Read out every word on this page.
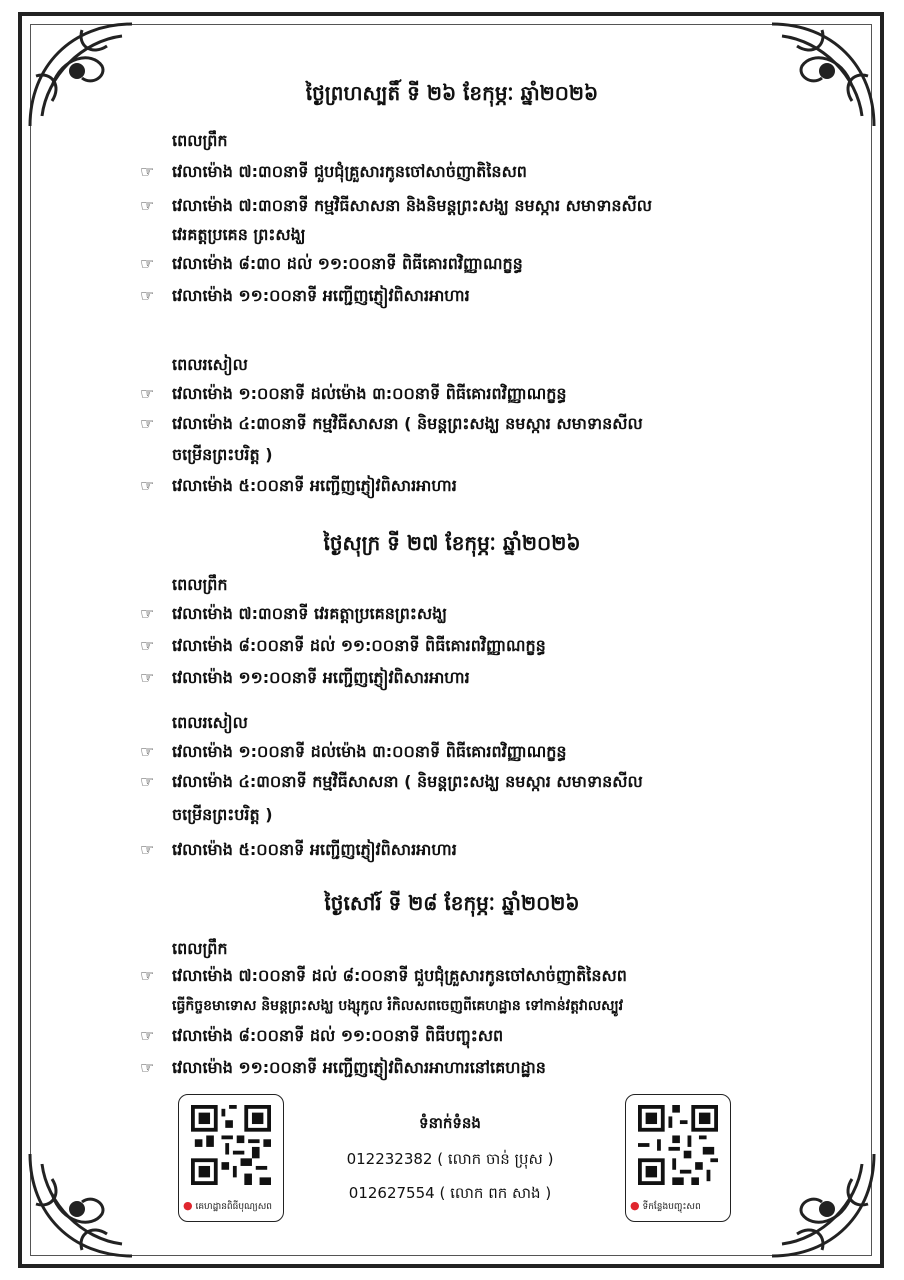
ថ្ងៃព្រហស្បតិ៍ ទី ២៦ ខែកុម្ភៈ ឆ្នាំ២០២៦
ពេលព្រឹក
☞ វេលាម៉ោង ៧:៣០នាទី ជួបជុំគ្រួសារកូនចៅសាច់ញាតិនៃសព
☞ វេលាម៉ោង ៧:៣០នាទី កម្មវិធីសាសនា និងនិមន្តព្រះសង្ឃ នមស្ការ សមាទានសីល
វេរគត្តប្រគេន ព្រះសង្ឃ
☞ វេលាម៉ោង ៨:៣០ ដល់ ១១:០០នាទី ពិធីគោរពវិញ្ញាណក្ខន្ធ
☞ វេលាម៉ោង ១១:០០នាទី អញ្ជើញភ្ញៀវពិសារអាហារ
ពេលរសៀល
☞ វេលាម៉ោង ១:០០នាទី ដល់ម៉ោង ៣:០០នាទី ពិធីគោរពវិញ្ញាណក្ខន្ធ
☞ វេលាម៉ោង ៤:៣០នាទី កម្មវិធីសាសនា ( និមន្តព្រះសង្ឃ នមស្ការ សមាទានសីល
ចម្រើនព្រះបរិត្ត )
☞ វេលាម៉ោង ៥:០០នាទី អញ្ជើញភ្ញៀវពិសារអាហារ
ថ្ងៃសុក្រ ទី ២៧ ខែកុម្ភៈ ឆ្នាំ២០២៦
ពេលព្រឹក
☞ វេលាម៉ោង ៧:៣០នាទី វេរគត្តាប្រគេនព្រះសង្ឃ
☞ វេលាម៉ោង ៨:០០នាទី ដល់ ១១:០០នាទី ពិធីគោរពវិញ្ញាណក្ខន្ធ
☞ វេលាម៉ោង ១១:០០នាទី អញ្ជើញភ្ញៀវពិសារអាហារ
ពេលរសៀល
☞ វេលាម៉ោង ១:០០នាទី ដល់ម៉ោង ៣:០០នាទី ពិធីគោរពវិញ្ញាណក្ខន្ធ
☞ វេលាម៉ោង ៤:៣០នាទី កម្មវិធីសាសនា ( និមន្តព្រះសង្ឃ នមស្ការ សមាទានសីល
ចម្រើនព្រះបរិត្ត )
☞ វេលាម៉ោង ៥:០០នាទី អញ្ជើញភ្ញៀវពិសារអាហារ
ថ្ងៃសៅរ៍ ទី ២៨ ខែកុម្ភៈ ឆ្នាំ២០២៦
ពេលព្រឹក
☞ វេលាម៉ោង ៧:០០នាទី ដល់ ៨:០០នាទី ជួបជុំគ្រួសារកូនចៅសាច់ញាតិនៃសព
ធ្វើកិច្ចខមាទោស និមន្តព្រះសង្ឃ បង្សុកូល រំកិលសពចេញពីគេហដ្ឋាន ទៅកាន់វត្តវាលស្បូវ
☞ វេលាម៉ោង ៨:០០នាទី ដល់ ១១:០០នាទី ពិធីបញ្ចុះសព
☞ វេលាម៉ោង ១១:០០នាទី អញ្ជើញភ្ញៀវពិសារអាហារនៅគេហដ្ឋាន
● គេហដ្ឋានពិធីបុណ្យសព
ទំនាក់ទំនង
012232382 ( លោក ចាន់ ប្រុស )
012627554 ( លោក ពក សាង )
● ទីកន្លែងបញ្ចុះសព
